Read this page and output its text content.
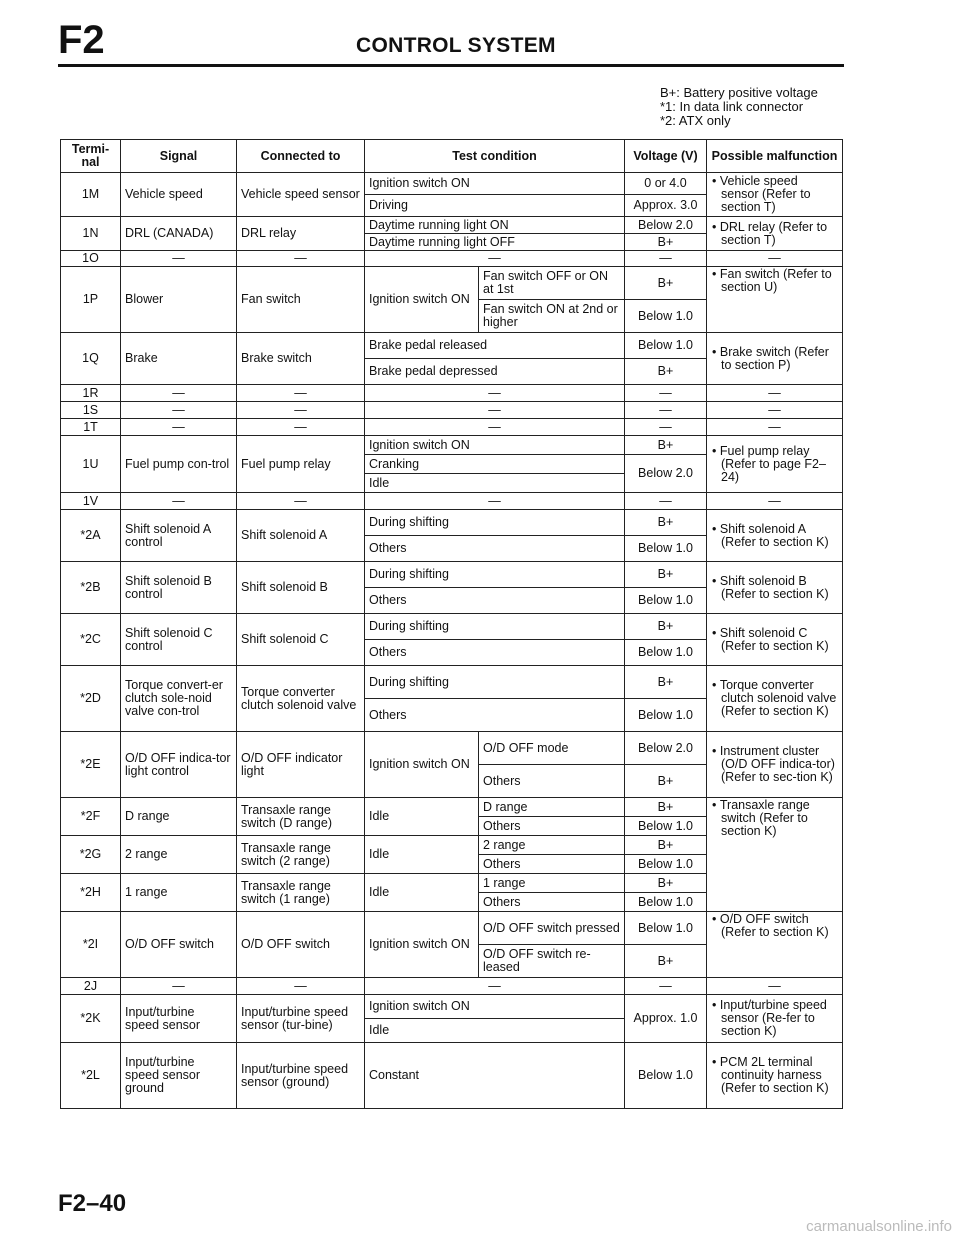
F2	CONTROL SYSTEM
B+: Battery positive voltage
*1: In data link connector
*2: ATX only
Termi-nal	Signal	Connected to	Test condition		Voltage (V)	Possible malfunction
1M	Vehicle speed	Vehicle speed sensor	Ignition switch ON		0 or 4.0	• Vehicle speed sensor (Refer to section T)
			Driving		Approx. 3.0	
1N	DRL (CANADA)	DRL relay	Daytime running light ON		Below 2.0	• DRL relay (Refer to section T)
			Daytime running light OFF		B+	
1O	—	—	—		—	—
1P	Blower	Fan switch	Ignition switch ON	Fan switch OFF or ON at 1st	B+	• Fan switch (Refer to section U)
				Fan switch ON at 2nd or higher	Below 1.0	
1Q	Brake	Brake switch	Brake pedal released		Below 1.0	• Brake switch (Refer to section P)
			Brake pedal depressed		B+	
1R	—	—	—		—	—
1S	—	—	—		—	—
1T	—	—	—		—	—
1U	Fuel pump con-trol	Fuel pump relay	Ignition switch ON		B+	• Fuel pump relay (Refer to page F2–24)
			Cranking		Below 2.0	
			Idle			
1V	—	—	—		—	—
*2A	Shift solenoid A control	Shift solenoid A	During shifting		B+	• Shift solenoid A (Refer to section K)
			Others		Below 1.0	
*2B	Shift solenoid B control	Shift solenoid B	During shifting		B+	• Shift solenoid B (Refer to section K)
			Others		Below 1.0	
*2C	Shift solenoid C control	Shift solenoid C	During shifting		B+	• Shift solenoid C (Refer to section K)
			Others		Below 1.0	
*2D	Torque convert-er clutch sole-noid valve con-trol	Torque converter clutch solenoid valve	During shifting		B+	• Torque converter clutch solenoid valve (Refer to section K)
			Others		Below 1.0	
*2E	O/D OFF indica-tor light control	O/D OFF indicator light	Ignition switch ON	O/D OFF mode	Below 2.0	• Instrument cluster (O/D OFF indica-tor) (Refer to sec-tion K)
				Others	B+	
*2F	D range	Transaxle range switch (D range)	Idle	D range	B+	• Transaxle range switch (Refer to section K)
				Others	Below 1.0	
*2G	2 range	Transaxle range switch (2 range)	Idle	2 range	B+	
				Others	Below 1.0	
*2H	1 range	Transaxle range switch (1 range)	Idle	1 range	B+	
				Others	Below 1.0	
*2I	O/D OFF switch	O/D OFF switch	Ignition switch ON	O/D OFF switch pressed	Below 1.0	• O/D OFF switch (Refer to section K)
				O/D OFF switch re-leased	B+	
2J	—	—	—		—	—
*2K	Input/turbine speed sensor	Input/turbine speed sensor (tur-bine)	Ignition switch ON		Approx. 1.0	• Input/turbine speed sensor (Re-fer to section K)
			Idle			
*2L	Input/turbine speed sensor ground	Input/turbine speed sensor (ground)	Constant		Below 1.0	• PCM 2L terminal continuity harness (Refer to section K)
F2–40
carmanualsonline.info
